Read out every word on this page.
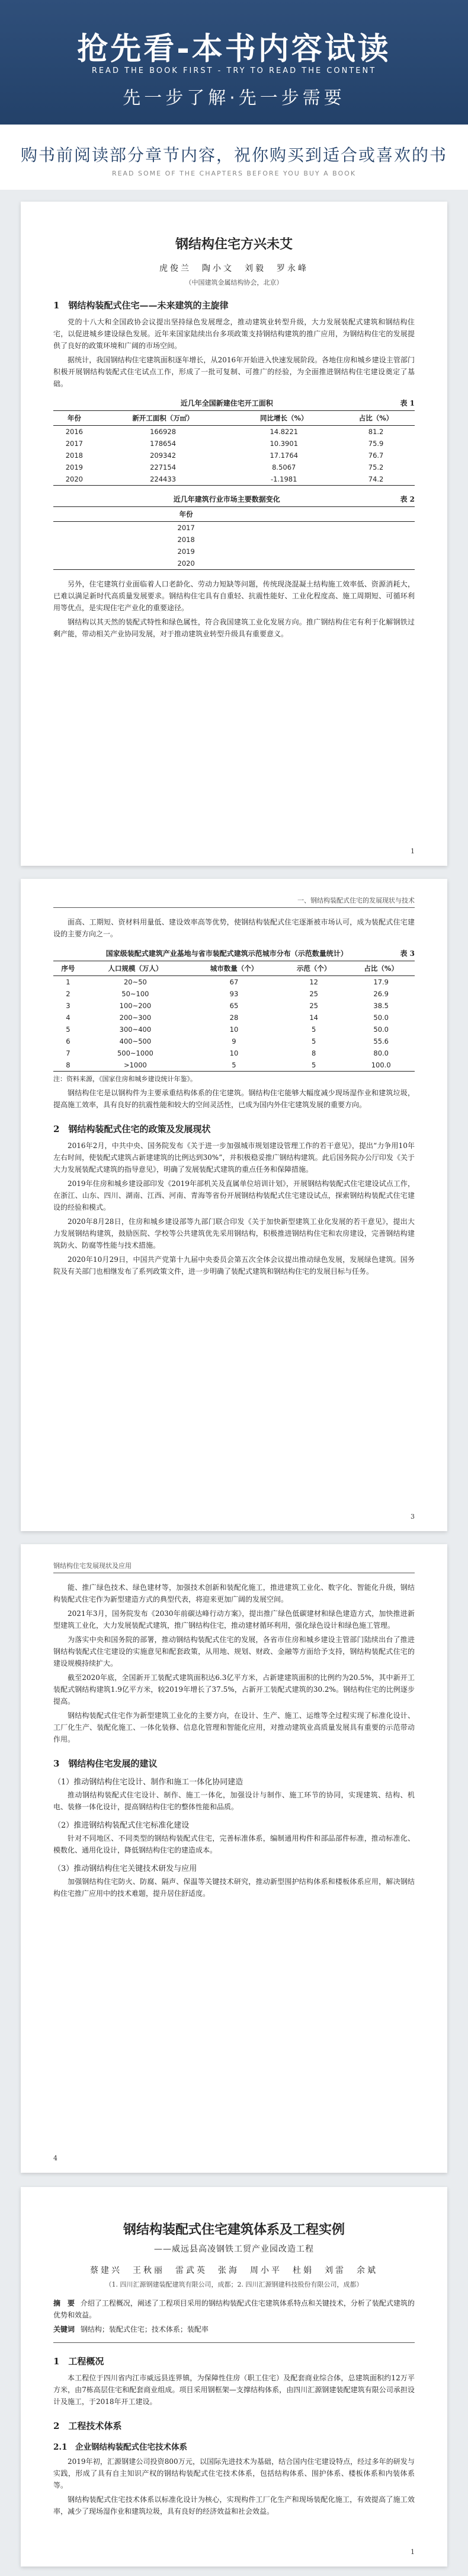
抢先看-本书内容试读
READ THE BOOK FIRST - TRY TO READ THE CONTENT
先一步了解·先一步需要
购书前阅读部分章节内容，祝你购买到适合或喜欢的书
READ SOME OF THE CHAPTERS BEFORE YOU BUY A BOOK
钢结构住宅方兴未艾
虎俊兰　陶小文　刘毅　罗永峰
（中国建筑金属结构协会，北京）
1　钢结构装配式住宅——未来建筑的主旋律

党的十八大和全国政协会议提出坚持绿色发展理念，推动建筑业转型升级，大力发展装配式建筑和钢结构住宅，以促进城乡建设绿色发展。近年来国家陆续出台多项政策支持钢结构建筑的推广应用，为钢结构住宅的发展提供了良好的政策环境和广阔的市场空间。

据统计，我国钢结构住宅建筑面积逐年增长，从2016年开始进入快速发展阶段。各地住房和城乡建设主管部门积极开展钢结构装配式住宅试点工作，形成了一批可复制、可推广的经验，为全面推进钢结构住宅建设奠定了基础。

近几年全国新建住宅开工面积	表 1
年份	新开工面积（万㎡）	同比增长（%）	占比（%）
2016	166928	14.8221	81.2
2017	178654	10.3901	75.9
2018	209342	17.1764	76.7
2019	227154	8.5067	75.2
2020	224433	-1.1981	74.2
近几年建筑行业市场主要数据变化	表 2
年份			
2017			
2018			
2019			
2020			

另外，住宅建筑行业面临着人口老龄化、劳动力短缺等问题，传统现浇混凝土结构施工效率低、资源消耗大，已难以满足新时代高质量发展要求。钢结构住宅具有自重轻、抗震性能好、工业化程度高、施工周期短、可循环利用等优点，是实现住宅产业化的重要途径。

钢结构以其天然的装配式特性和绿色属性，符合我国建筑工业化发展方向。推广钢结构住宅有利于化解钢铁过剩产能，带动相关产业协同发展，对于推动建筑业转型升级具有重要意义。

1
一、钢结构装配式住宅的发展现状与技术

面高、工期短、资材料用量低、建设效率高等优势，使钢结构装配式住宅逐渐被市场认可，成为装配式住宅建设的主要方向之一。

国家级装配式建筑产业基地与省市装配式建筑示范城市分布（示范数量统计）	表 3
序号	人口规模（万人）	城市数量（个）	示范（个）	占比（%）
1	20~50	67	12	17.9
2	50~100	93	25	26.9
3	100~200	65	25	38.5
4	200~300	28	14	50.0
5	300~400	10	5	50.0
6	400~500	9	5	55.6
7	500~1000	10	8	80.0
8	>1000	5	5	100.0
注：资料来源，《国家住房和城乡建设统计年鉴》。

钢结构住宅是以钢构件为主要承重结构体系的住宅建筑。钢结构住宅能够大幅度减少现场湿作业和建筑垃圾，提高施工效率，具有良好的抗震性能和较大的空间灵活性，已成为国内外住宅建筑发展的重要方向。

2　钢结构装配式住宅的政策及发展现状

2016年2月，中共中央、国务院发布《关于进一步加强城市规划建设管理工作的若干意见》，提出“力争用10年左右时间，使装配式建筑占新建建筑的比例达到30%”，并积极稳妥推广钢结构建筑。此后国务院办公厅印发《关于大力发展装配式建筑的指导意见》，明确了发展装配式建筑的重点任务和保障措施。

2019年住房和城乡建设部印发《2019年部机关及直属单位培训计划》，开展钢结构装配式住宅建设试点工作，在浙江、山东、四川、湖南、江西、河南、青海等省份开展钢结构装配式住宅建设试点，探索钢结构装配式住宅建设的经验和模式。

2020年8月28日，住房和城乡建设部等九部门联合印发《关于加快新型建筑工业化发展的若干意见》，提出大力发展钢结构建筑，鼓励医院、学校等公共建筑优先采用钢结构，积极推进钢结构住宅和农房建设，完善钢结构建筑防火、防腐等性能与技术措施。

2020年10月29日，中国共产党第十九届中央委员会第五次全体会议提出推动绿色发展，发展绿色建筑。国务院及有关部门也相继发布了系列政策文件，进一步明确了装配式建筑和钢结构住宅的发展目标与任务。

3
钢结构住宅发展现状及应用

能、推广绿色技术、绿色建材等，加强技术创新和装配化施工，推进建筑工业化、数字化、智能化升级，钢结构装配式住宅作为新型建造方式的典型代表，将迎来更加广阔的发展空间。

2021年3月，国务院发布《2030年前碳达峰行动方案》，提出推广绿色低碳建材和绿色建造方式，加快推进新型建筑工业化，大力发展装配式建筑，推广钢结构住宅，推动建材循环利用，强化绿色设计和绿色施工管理。

为落实中央和国务院的部署，推动钢结构装配式住宅的发展，各省市住房和城乡建设主管部门陆续出台了推进钢结构装配式住宅建设的实施意见和配套政策，从用地、规划、财政、金融等方面给予支持，钢结构装配式住宅的建设规模持续扩大。

截至2020年底，全国新开工装配式建筑面积达6.3亿平方米，占新建建筑面积的比例约为20.5%，其中新开工装配式钢结构建筑1.9亿平方米，较2019年增长了37.5%，占新开工装配式建筑的30.2%。钢结构住宅的比例逐步提高。

钢结构装配式住宅作为新型建筑工业化的主要方向，在设计、生产、施工、运维等全过程实现了标准化设计、工厂化生产、装配化施工、一体化装修、信息化管理和智能化应用，对推动建筑业高质量发展具有重要的示范带动作用。

3　钢结构住宅发展的建议
（1）推动钢结构住宅设计、制作和施工一体化协同建造

推动钢结构装配式住宅设计、制作、施工一体化，加强设计与制作、施工环节的协同，实现建筑、结构、机电、装修一体化设计，提高钢结构住宅的整体性能和品质。

（2）推进钢结构装配式住宅标准化建设

针对不同地区、不同类型的钢结构装配式住宅，完善标准体系，编制通用构件和部品部件标准，推动标准化、模数化、通用化设计，降低钢结构住宅的建造成本。

（3）推动钢结构住宅关键技术研发与应用

加强钢结构住宅防火、防腐、隔声、保温等关键技术研究，推动新型围护结构体系和楼板体系应用，解决钢结构住宅推广应用中的技术难题，提升居住舒适度。

4
钢结构装配式住宅建筑体系及工程实例
——威远县高凌钢铁工贸产业园改造工程
蔡建兴　王秋丽　雷武英　张海　周小平　杜娟　刘雷　余斌
（1. 四川汇源钢建装配建筑有限公司，成都；2. 四川汇源钢建科技股份有限公司，成都）
摘　要 介绍了工程概况，阐述了工程项目采用的钢结构装配式住宅建筑体系特点和关键技术，分析了装配式建筑的优势和效益。
关键词 钢结构；装配式住宅；技术体系；装配率
1　工程概况

本工程位于四川省内江市威远县连界镇，为保障性住房（职工住宅）及配套商业综合体，总建筑面积约12万平方米，由7栋高层住宅和配套商业组成。项目采用钢框架—支撑结构体系，由四川汇源钢建装配建筑有限公司承担设计及施工，于2018年开工建设。

2　工程技术体系
2.1　企业钢结构装配式住宅技术体系

2019年初，汇源钢建公司投资800万元，以国际先进技术为基础，结合国内住宅建设特点，经过多年的研发与实践，形成了具有自主知识产权的钢结构装配式住宅技术体系，包括结构体系、围护体系、楼板体系和内装体系等。

钢结构装配式住宅技术体系以标准化设计为核心，实现构件工厂化生产和现场装配化施工，有效提高了施工效率，减少了现场湿作业和建筑垃圾，具有良好的经济效益和社会效益。

1
